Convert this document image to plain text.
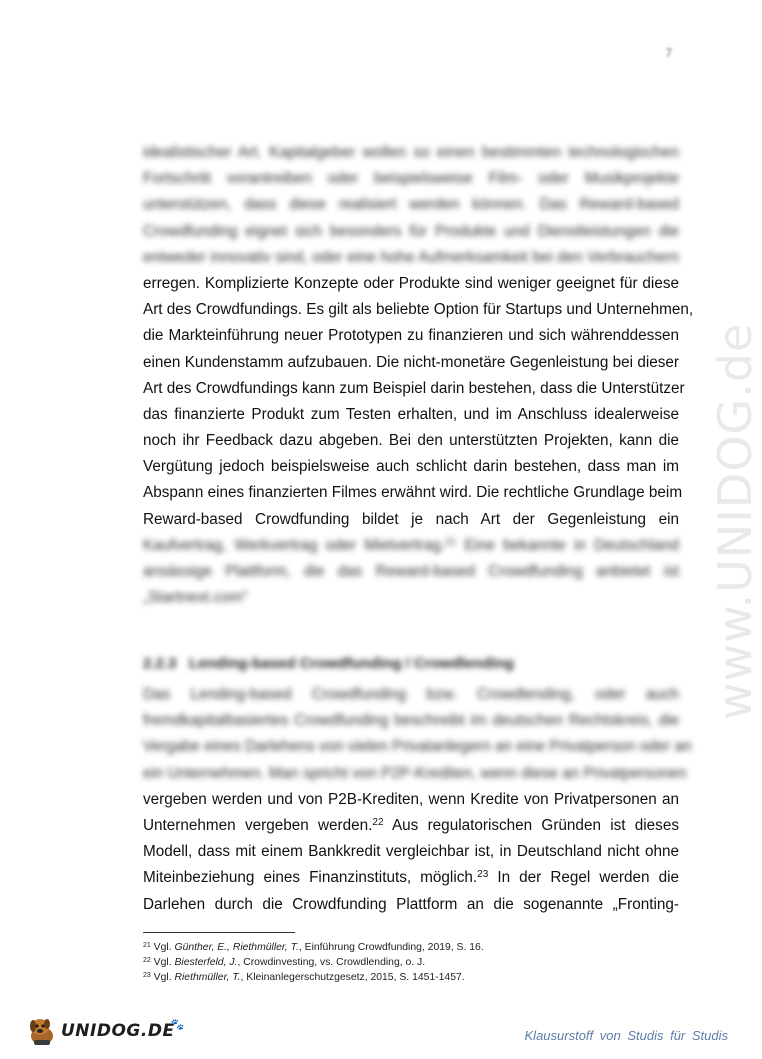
7
idealistischer Art. Kapitalgeber wollen so einen bestimmten technologischen
Fortschritt vorantreiben oder beispielsweise Film- oder Musikprojekte
unterstützen, dass diese realisiert werden können. Das Reward-based
Crowdfunding eignet sich besonders für Produkte und Dienstleistungen die
entweder innovativ sind, oder eine hohe Aufmerksamkeit bei den Verbrauchern
erregen. Komplizierte Konzepte oder Produkte sind weniger geeignet für diese
Art des Crowdfundings. Es gilt als beliebte Option für Startups und Unternehmen,
die Markteinführung neuer Prototypen zu finanzieren und sich währenddessen
einen Kundenstamm aufzubauen. Die nicht-monetäre Gegenleistung bei dieser
Art des Crowdfundings kann zum Beispiel darin bestehen, dass die Unterstützer
das finanzierte Produkt zum Testen erhalten, und im Anschluss idealerweise
noch ihr Feedback dazu abgeben. Bei den unterstützten Projekten, kann die
Vergütung jedoch beispielsweise auch schlicht darin bestehen, dass man im
Abspann eines finanzierten Filmes erwähnt wird. Die rechtliche Grundlage beim
Reward-based Crowdfunding bildet je nach Art der Gegenleistung ein
Kaufvertrag, Werkvertrag oder Mietvertrag.$^{21}$ Eine bekannte in Deutschland
ansässige Plattform, die das Reward-based Crowdfunding anbietet ist
„Startnext.com"
2.2.3 Lending-based Crowdfunding / Crowdlending
Das Lending-based Crowdfunding bzw. Crowdlending, oder auch
fremdkapitalbasiertes Crowdfunding beschreibt im deutschen Rechtskreis, die
Vergabe eines Darlehens von vielen Privatanlegern an eine Privatperson oder an
ein Unternehmen. Man spricht von P2P-Krediten, wenn diese an Privatpersonen
vergeben werden und von P2B-Krediten, wenn Kredite von Privatpersonen an
Unternehmen vergeben werden.$^{22}$ Aus regulatorischen Gründen ist dieses
Modell, dass mit einem Bankkredit vergleichbar ist, in Deutschland nicht ohne
Miteinbeziehung eines Finanzinstituts, möglich.$^{23}$ In der Regel werden die
Darlehen durch die Crowdfunding Plattform an die sogenannte „Fronting-
$^{21}$ Vgl. Günther, E., Riethmüller, T., Einführung Crowdfunding, 2019, S. 16.
$^{22}$ Vgl. Biesterfeld, J., Crowdinvesting, vs. Crowdlending, o. J.
$^{23}$ Vgl. Riethmüller, T., Kleinanlegerschutzgesetz, 2015, S. 1451-1457.
www.UNIDOG.de
UNIDOG.DE
🐾
Klausurstoff von Studis für Studis
